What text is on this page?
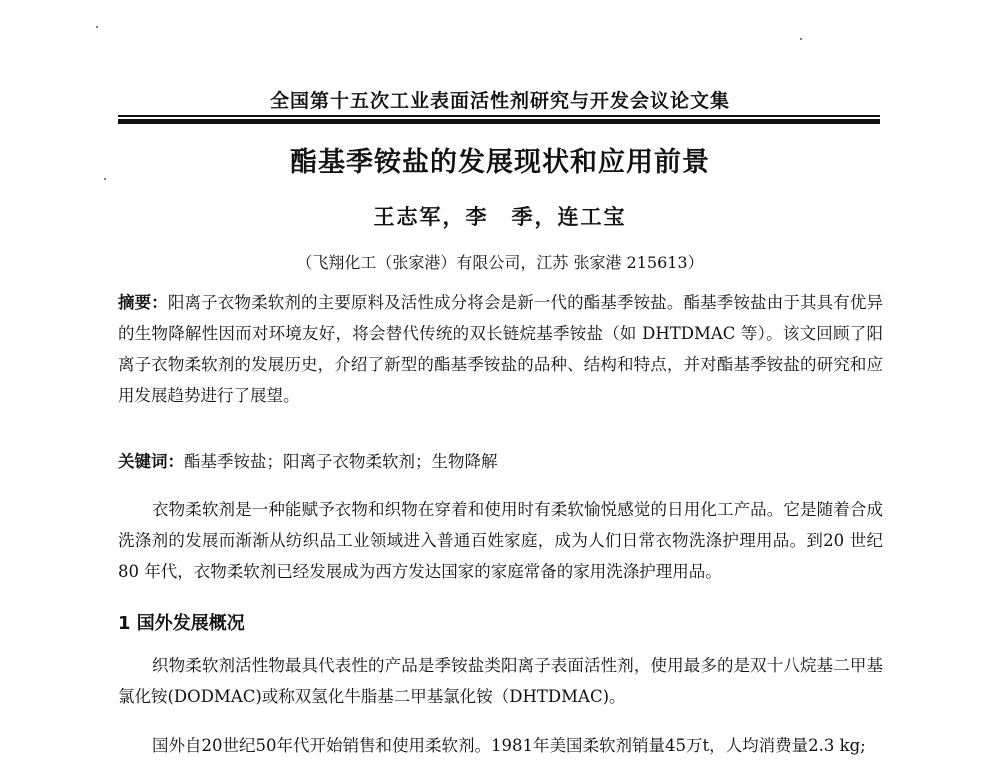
全国第十五次工业表面活性剂研究与开发会议论文集
酯基季铵盐的发展现状和应用前景
王志军，李　季，连工宝
（飞翔化工（张家港）有限公司，江苏 张家港 215613）
摘要：阳离子衣物柔软剂的主要原料及活性成分将会是新一代的酯基季铵盐。酯基季铵盐由于其具有优异的生物降解性因而对环境友好，将会替代传统的双长链烷基季铵盐（如 DHTDMAC 等）。该文回顾了阳离子衣物柔软剂的发展历史，介绍了新型的酯基季铵盐的品种、结构和特点，并对酯基季铵盐的研究和应用发展趋势进行了展望。
关键词：酯基季铵盐；阳离子衣物柔软剂；生物降解
衣物柔软剂是一种能赋予衣物和织物在穿着和使用时有柔软愉悦感觉的日用化工产品。它是随着合成洗涤剂的发展而渐渐从纺织品工业领域进入普通百姓家庭，成为人们日常衣物洗涤护理用品。到20 世纪80 年代，衣物柔软剂已经发展成为西方发达国家的家庭常备的家用洗涤护理用品。
1 国外发展概况
织物柔软剂活性物最具代表性的产品是季铵盐类阳离子表面活性剂，使用最多的是双十八烷基二甲基氯化铵(DODMAC)或称双氢化牛脂基二甲基氯化铵（DHTDMAC)。
国外自20世纪50年代开始销售和使用柔软剂。1981年美国柔软剂销量45万t，人均消费量2.3 kg;
